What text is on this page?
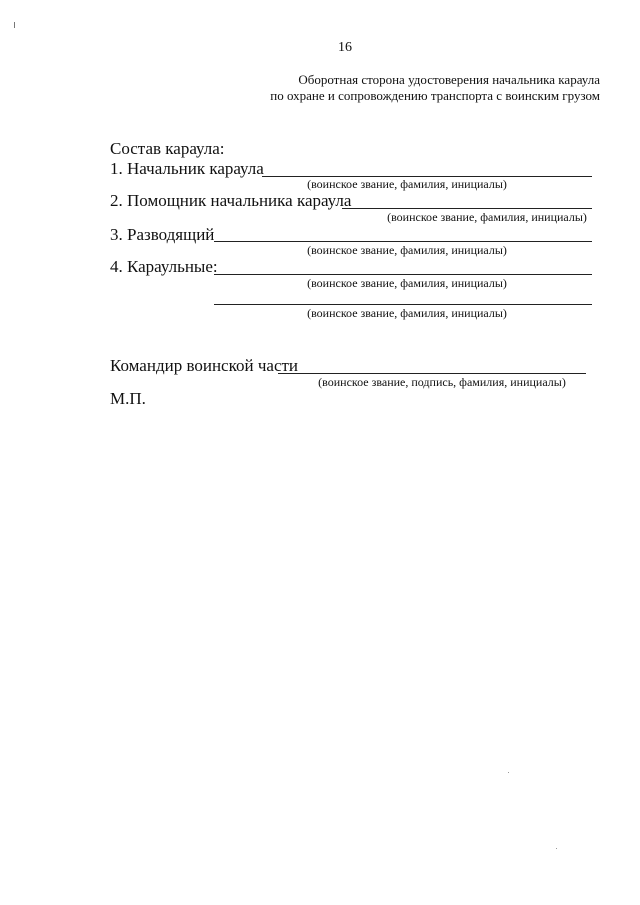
16
Оборотная сторона удостоверения начальника караула
по охране и сопровождению транспорта с воинским грузом
Состав караула:
1. Начальник караула
(воинское звание, фамилия, инициалы)
2. Помощник начальника караула
(воинское звание, фамилия, инициалы)
3. Разводящий
(воинское звание, фамилия, инициалы)
4. Караульные:
(воинское звание, фамилия, инициалы)
(воинское звание, фамилия, инициалы)
Командир воинской части
(воинское звание, подпись, фамилия, инициалы)
М.П.
